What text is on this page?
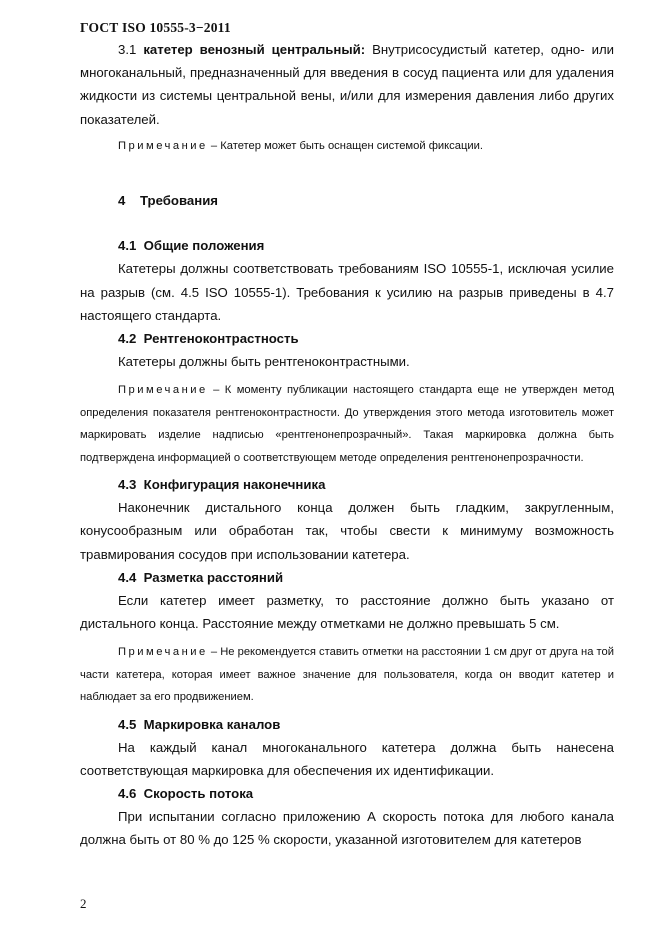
ГОСТ ISO 10555-3−2011

3.1 катетер венозный центральный: Внутрисосудистый катетер, одно- или многоканальный, предназначенный для введения в сосуд пациента или для удаления жидкости из системы центральной вены, и/или для измерения давления либо других показателей.

Примечание – Катетер может быть оснащен системой фиксации.

4    Требования

4.1  Общие положения

Катетеры должны соответствовать требованиям ISO 10555-1, исключая усилие на разрыв (см. 4.5 ISO 10555-1). Требования к усилию на разрыв приведены в 4.7 настоящего стандарта.

4.2  Рентгеноконтрастность

Катетеры должны быть рентгеноконтрастными.

Примечание – К моменту публикации настоящего стандарта еще не утвержден метод определения показателя рентгеноконтрастности. До утверждения этого метода изготовитель может маркировать изделие надписью «рентгенонепрозрачный». Такая маркировка должна быть подтверждена информацией о соответствующем методе определения рентгенонепрозрачности.

4.3  Конфигурация наконечника

Наконечник дистального конца должен быть гладким, закругленным, конусообразным или обработан так, чтобы свести к минимуму возможность травмирования сосудов при использовании катетера.

4.4  Разметка расстояний

Если катетер имеет разметку, то расстояние должно быть указано от дистального конца. Расстояние между отметками не должно превышать 5 см.

Примечание – Не рекомендуется ставить отметки на расстоянии 1 см друг от друга на той части катетера, которая имеет важное значение для пользователя, когда он вводит катетер и наблюдает за его продвижением.

4.5  Маркировка каналов

На каждый канал многоканального катетера должна быть нанесена соответствующая маркировка для обеспечения их идентификации.

4.6  Скорость потока

При испытании согласно приложению А скорость потока для любого канала должна быть от 80 % до 125 % скорости, указанной изготовителем для катетеров

2
